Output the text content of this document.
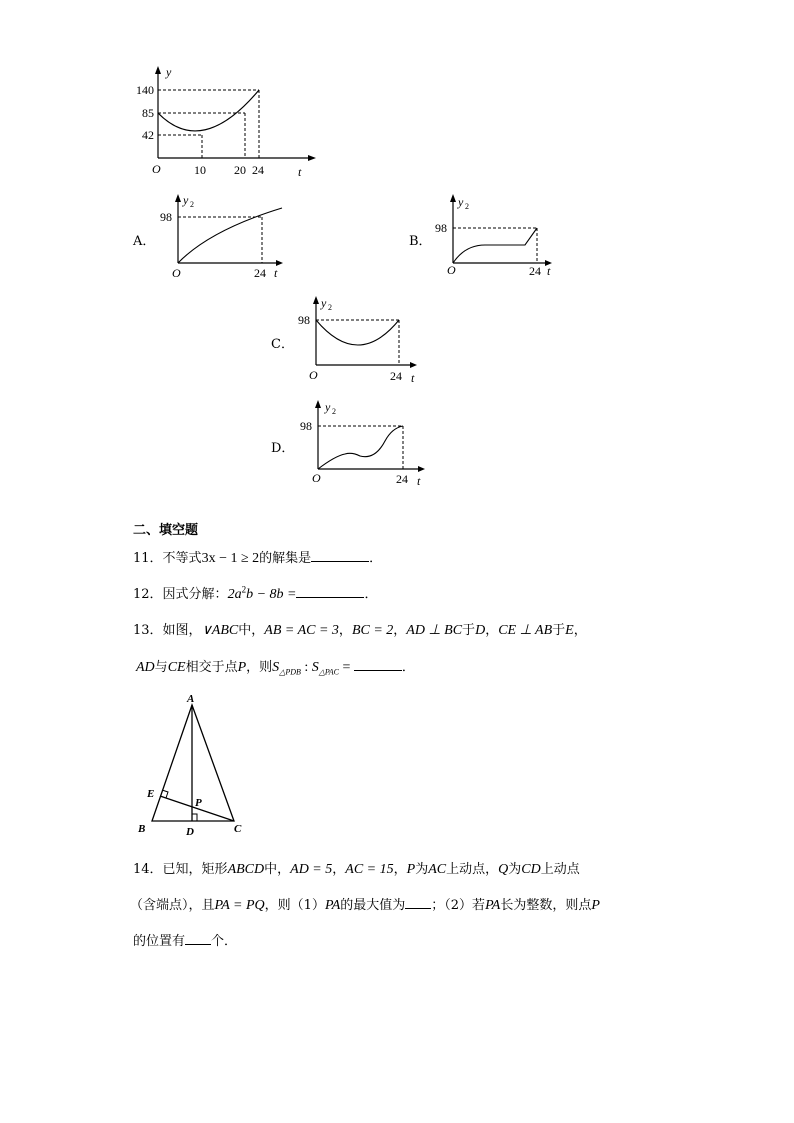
y
140
85
42
O	10 20 24	t
A．
y 2
98
O	24 t
B．
y 2
98
O	24 t
C．
y 2
98
O	24 t
D．
y 2
98
O	24 t
二、填空题
11．不等式3x − 1 ≥ 2的解集是	．
12．因式分解：$2a^2b - 8b$ =	．
13．如图，∨ABC中，AB = AC = 3，BC = 2，AD ⊥ BC于D，CE ⊥ AB于E，
AD与CE相交于点P，则$S_{\triangle PDB}$ : $S_{\triangle PAC}$ =	．
A
B	C
D
E
P
14．已知，矩形ABCD中，AD = 5，AC = 15，P为AC上动点，Q为CD上动点
（含端点），且PA = PQ，则（1）PA的最大值为 ；（2）若PA长为整数，则点P
的位置有 个．
